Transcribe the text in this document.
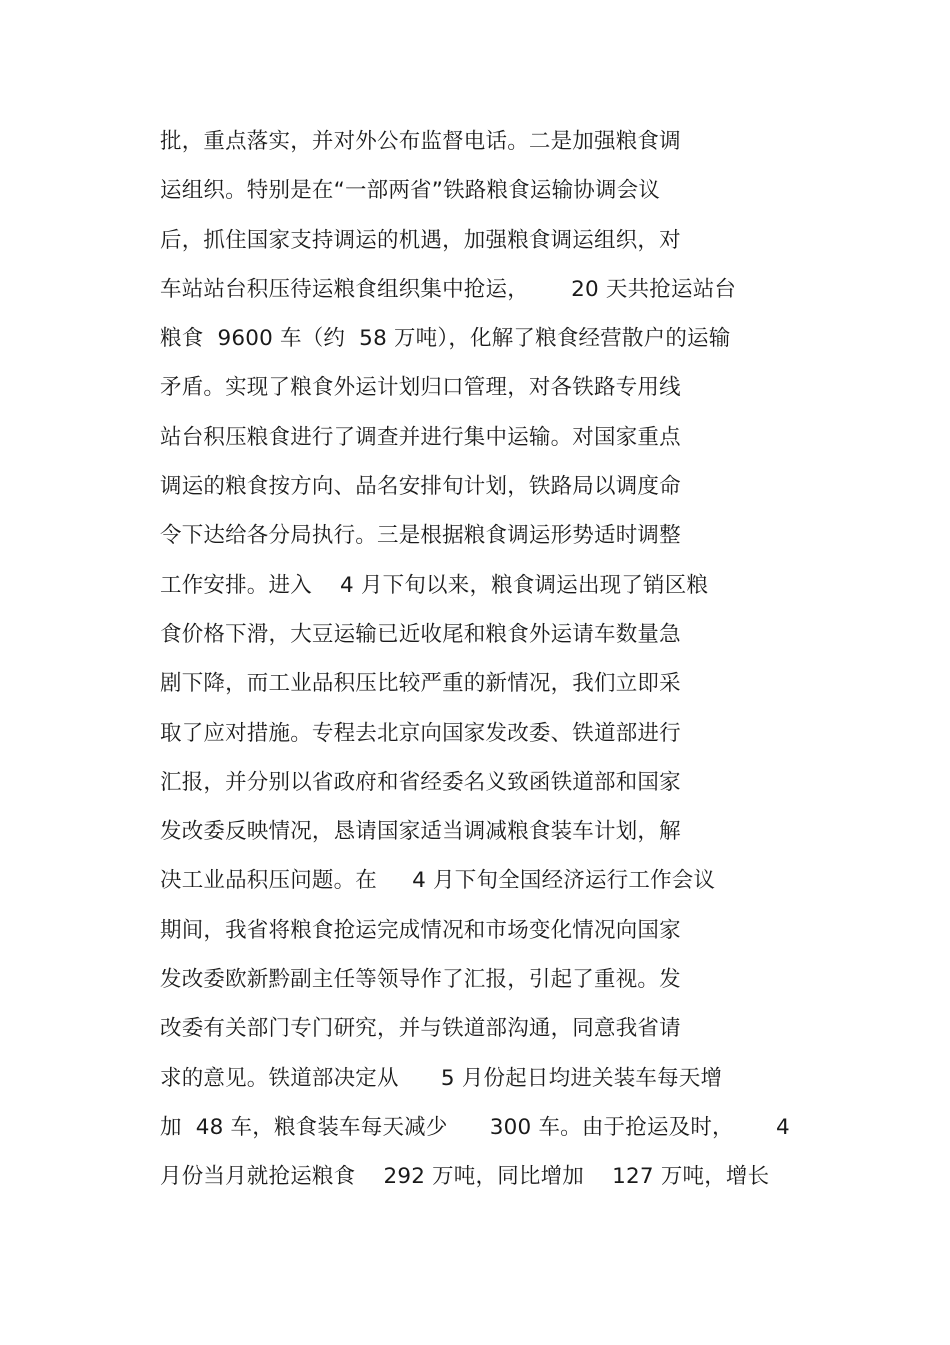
批，重点落实，并对外公布监督电话。二是加强粮食调
运组织。特别是在“一部两省”铁路粮食运输协调会议
后，抓住国家支持调运的机遇，加强粮食调运组织，对
车站站台积压待运粮食组织集中抢运，      20 天共抢运站台
粮食  9600 车（约  58 万吨），化解了粮食经营散户的运输
矛盾。实现了粮食外运计划归口管理，对各铁路专用线
站台积压粮食进行了调查并进行集中运输。对国家重点
调运的粮食按方向、品名安排旬计划，铁路局以调度命
令下达给各分局执行。三是根据粮食调运形势适时调整
工作安排。进入    4 月下旬以来，粮食调运出现了销区粮
食价格下滑，大豆运输已近收尾和粮食外运请车数量急
剧下降，而工业品积压比较严重的新情况，我们立即采
取了应对措施。专程去北京向国家发改委、铁道部进行
汇报，并分别以省政府和省经委名义致函铁道部和国家
发改委反映情况，恳请国家适当调减粮食装车计划，解
决工业品积压问题。在     4 月下旬全国经济运行工作会议
期间，我省将粮食抢运完成情况和市场变化情况向国家
发改委欧新黔副主任等领导作了汇报，引起了重视。发
改委有关部门专门研究，并与铁道部沟通，同意我省请
求的意见。铁道部决定从      5 月份起日均进关装车每天增
加  48 车，粮食装车每天减少      300 车。由于抢运及时，      4
月份当月就抢运粮食    292 万吨，同比增加    127 万吨，增长
